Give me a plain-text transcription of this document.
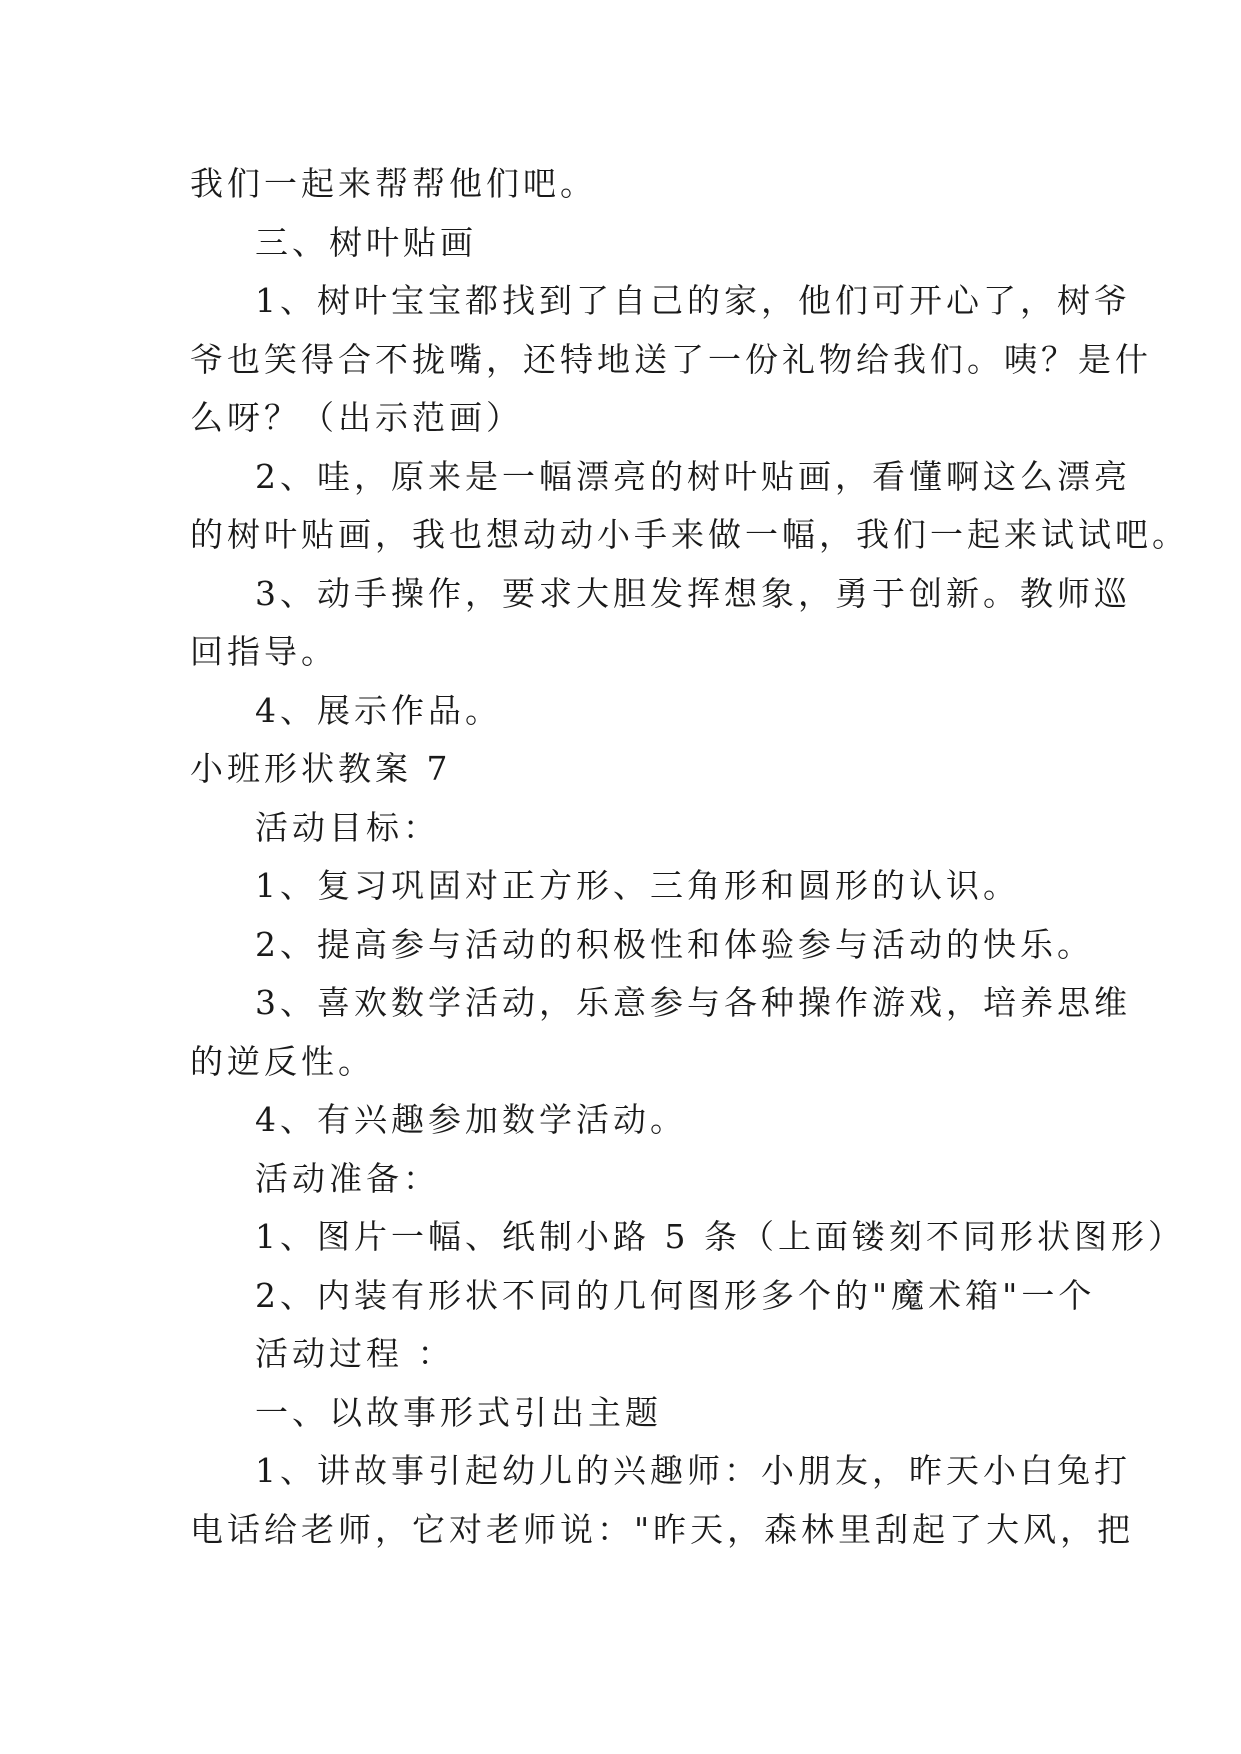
我们一起来帮帮他们吧。
三、树叶贴画
1、树叶宝宝都找到了自己的家，他们可开心了，树爷
爷也笑得合不拢嘴，还特地送了一份礼物给我们。咦？是什
么呀？（出示范画）
2、哇，原来是一幅漂亮的树叶贴画，看懂啊这么漂亮
的树叶贴画，我也想动动小手来做一幅，我们一起来试试吧。
3、动手操作，要求大胆发挥想象，勇于创新。教师巡
回指导。
4、展示作品。
小班形状教案 7
活动目标：
1、复习巩固对正方形、三角形和圆形的认识。
2、提高参与活动的积极性和体验参与活动的快乐。
3、喜欢数学活动，乐意参与各种操作游戏，培养思维
的逆反性。
4、有兴趣参加数学活动。
活动准备：
1、图片一幅、纸制小路 5 条（上面镂刻不同形状图形）
2、内装有形状不同的几何图形多个的"魔术箱"一个
活动过程 ：
一、以故事形式引出主题
1、讲故事引起幼儿的兴趣师：小朋友，昨天小白兔打
电话给老师，它对老师说："昨天，森林里刮起了大风，把
